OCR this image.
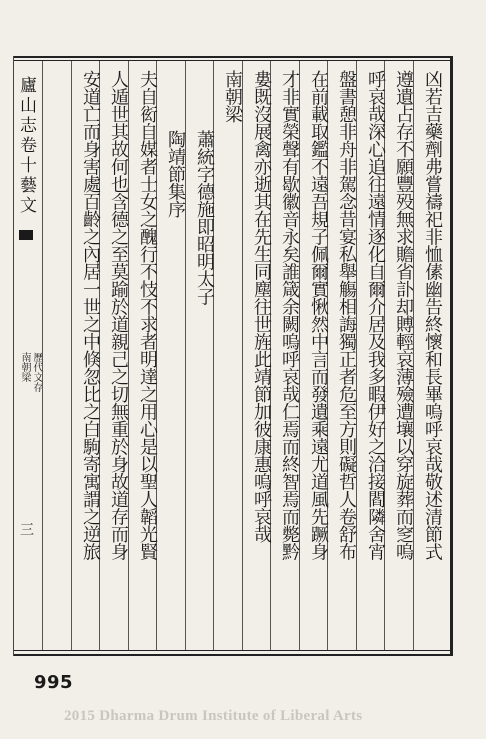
廬山志卷十藝文
歷代文存
南朝梁
三	凶若吉藥劑弗嘗禱祀非恤傃幽告終懷和長畢嗚呼哀哉敬述清節式
遵遺占存不願豐殁無求贍省訃却賻輕哀薄殮遭壤以穿旋葬而窆嗚
呼哀哉深心追往遠情逐化自爾介居及我多暇伊好之洽接閻隣舍宵
盤書憩非舟非駕念昔宴私舉觴相誨獨正者危至方則礙哲人卷舒布
在前載取鑑不遠吾規子佩爾實愀然中言而發遺乘遠尤道風先蹶身
才非實榮聲有歇徽音永矣誰箴余闕嗚呼哀哉仁焉而終智焉而斃黔
婁既沒展禽亦逝其在先生同塵往世旌此靖節加彼康惠嗚呼哀哉
南朝梁
蕭統字德施即昭明太子
陶靖節集序
夫自衒自媒者士女之醜行不忮不求者明達之用心是以聖人韜光賢
人遁世其故何也含德之至莫踰於道親己之切無重於身故道存而身
安道亡而身害處百齡之內居一世之中倏忽比之白駒寄寓謂之逆旅
995
2015 Dharma Drum Institute of Liberal Arts
